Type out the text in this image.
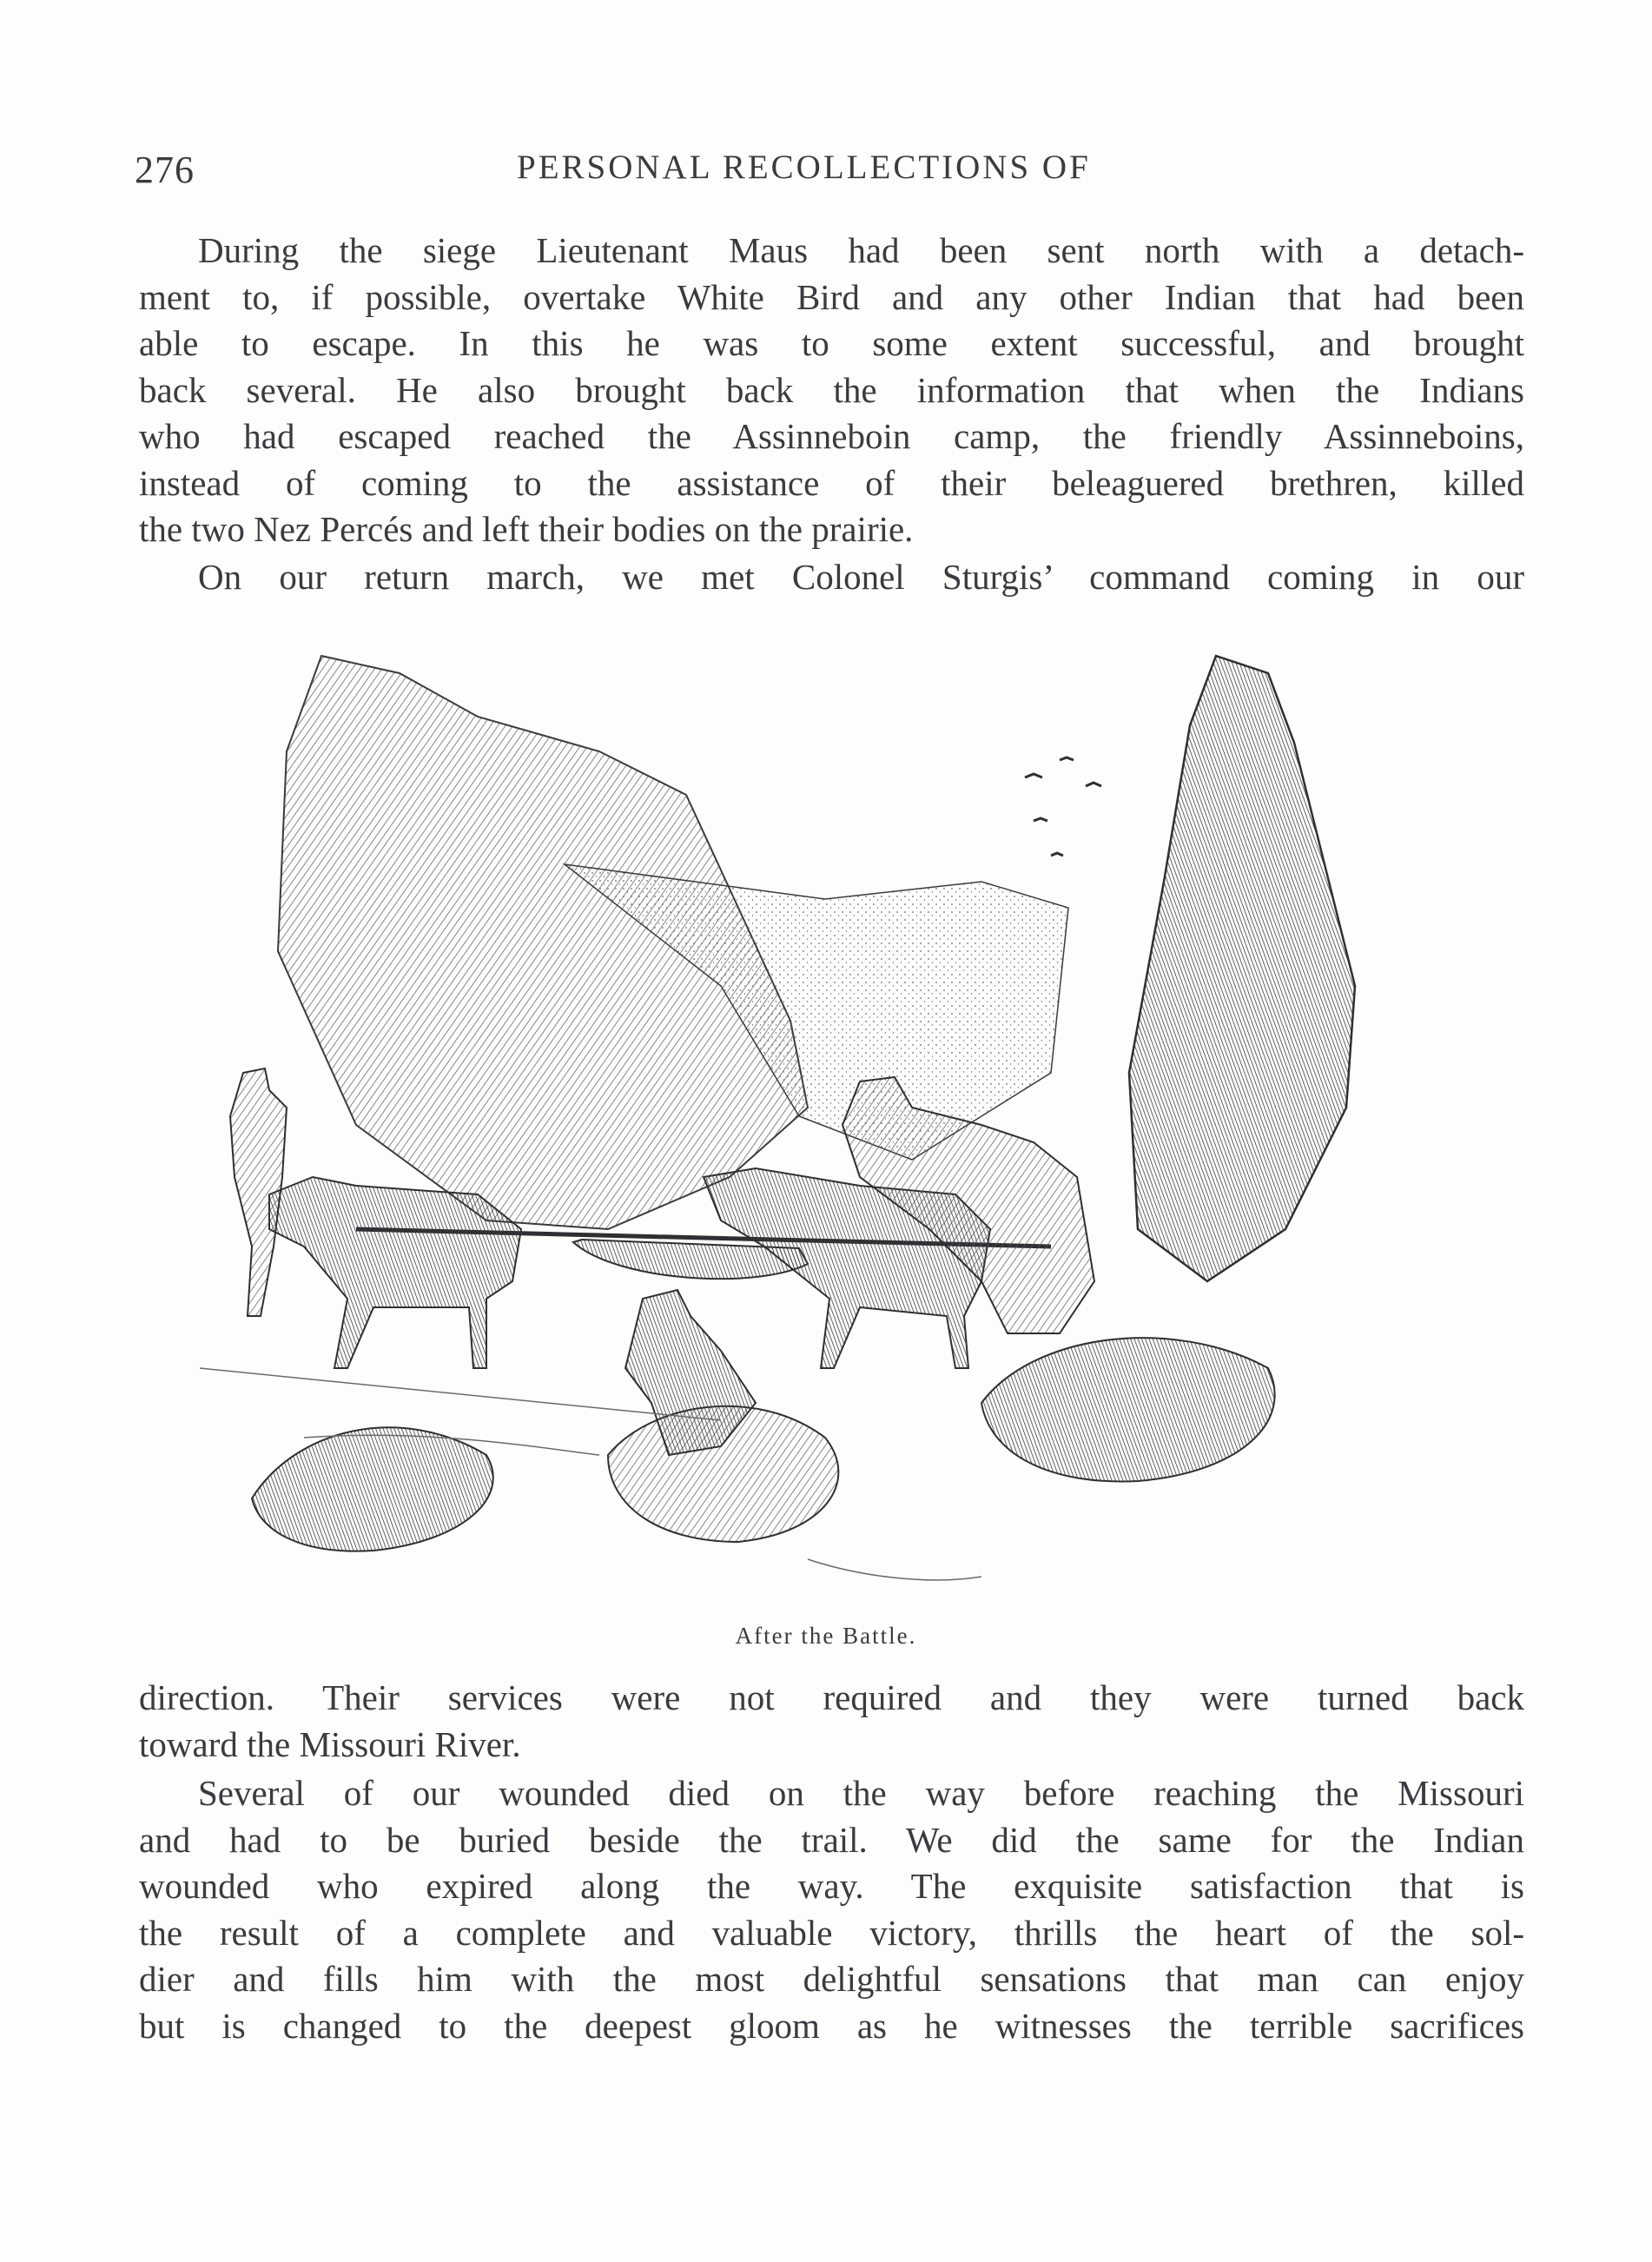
276	PERSONAL RECOLLECTIONS OF
During the siege Lieutenant Maus had been sent north with a detach-
ment to, if possible, overtake White Bird and any other Indian that had been
able to escape. In this he was to some extent successful, and brought
back several. He also brought back the information that when the Indians
who had escaped reached the Assinneboin camp, the friendly Assinneboins,
instead of coming to the assistance of their beleaguered brethren, killed
the two Nez Percés and left their bodies on the prairie.
On our return march, we met Colonel Sturgis’ command coming in our
After the Battle.
direction. Their services were not required and they were turned back
toward the Missouri River.
Several of our wounded died on the way before reaching the Missouri
and had to be buried beside the trail. We did the same for the Indian
wounded who expired along the way. The exquisite satisfaction that is
the result of a complete and valuable victory, thrills the heart of the sol-
dier and fills him with the most delightful sensations that man can enjoy
but is changed to the deepest gloom as he witnesses the terrible sacrifices
